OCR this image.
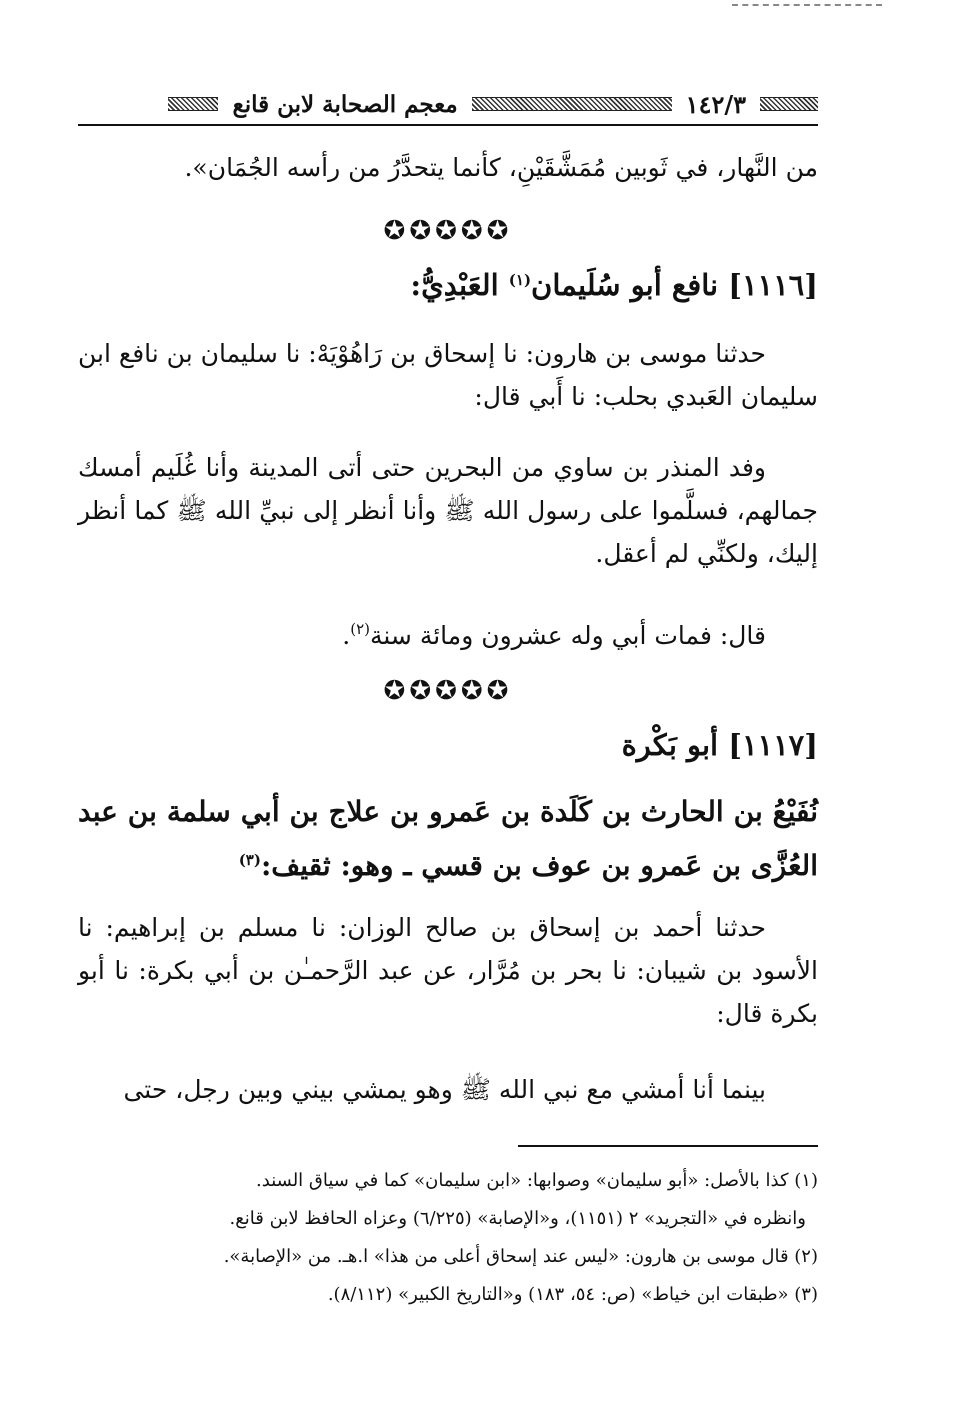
١٤٢/٣
معجم الصحابة لابن قانع
من النَّهار، في ثَوبين مُمَشَّقَيْنِ، كأنما يتحدَّرُ من رأسه الجُمَان».
✪✪✪✪✪
[١١١٦] نافع أبو سُلَيمان$^{(١)}$ العَبْدِيُّ:
حدثنا موسى بن هارون: نا إسحاق بن رَاهُوْيَهْ: نا سليمان بن نافع ابن سليمان العَبدي بحلب: نا أَبي قال:
وفد المنذر بن ساوي من البحرين حتى أتى المدينة وأنا غُلَيم أمسك جمالهم، فسلَّموا على رسول الله ﷺ وأنا أنظر إلى نبيِّ الله ﷺ كما أنظر إليك، ولكنِّي لم أعقل.
قال: فمات أبي وله عشرون ومائة سنة$^{(٢)}$.
✪✪✪✪✪
[١١١٧] أبو بَكْرة
نُفَيْعُ بن الحارث بن كَلَدة بن عَمرو بن علاج بن أبي سلمة بن عبد العُزَّى بن عَمرو بن عوف بن قسي ـ وهو: ثقيف:$^{(٣)}$
حدثنا أحمد بن إسحاق بن صالح الوزان: نا مسلم بن إبراهيم: نا الأسود بن شيبان: نا بحر بن مُرَّار، عن عبد الرَّحمـٰن بن أبي بكرة: نا أبو بكرة قال:
بينما أنا أمشي مع نبي الله ﷺ وهو يمشي بيني وبين رجل، حتى
(١) كذا بالأصل: «أبو سليمان» وصوابها: «ابن سليمان» كما في سياق السند.
وانظره في «التجريد» ٢ (١١٥١)، و«الإصابة» (٦/٢٢٥) وعزاه الحافظ لابن قانع.
(٢) قال موسى بن هارون: «ليس عند إسحاق أعلى من هذا» ا.هـ. من «الإصابة».
(٣) «طبقات ابن خياط» (ص: ٥٤، ١٨٣) و«التاريخ الكبير» (٨/١١٢).
